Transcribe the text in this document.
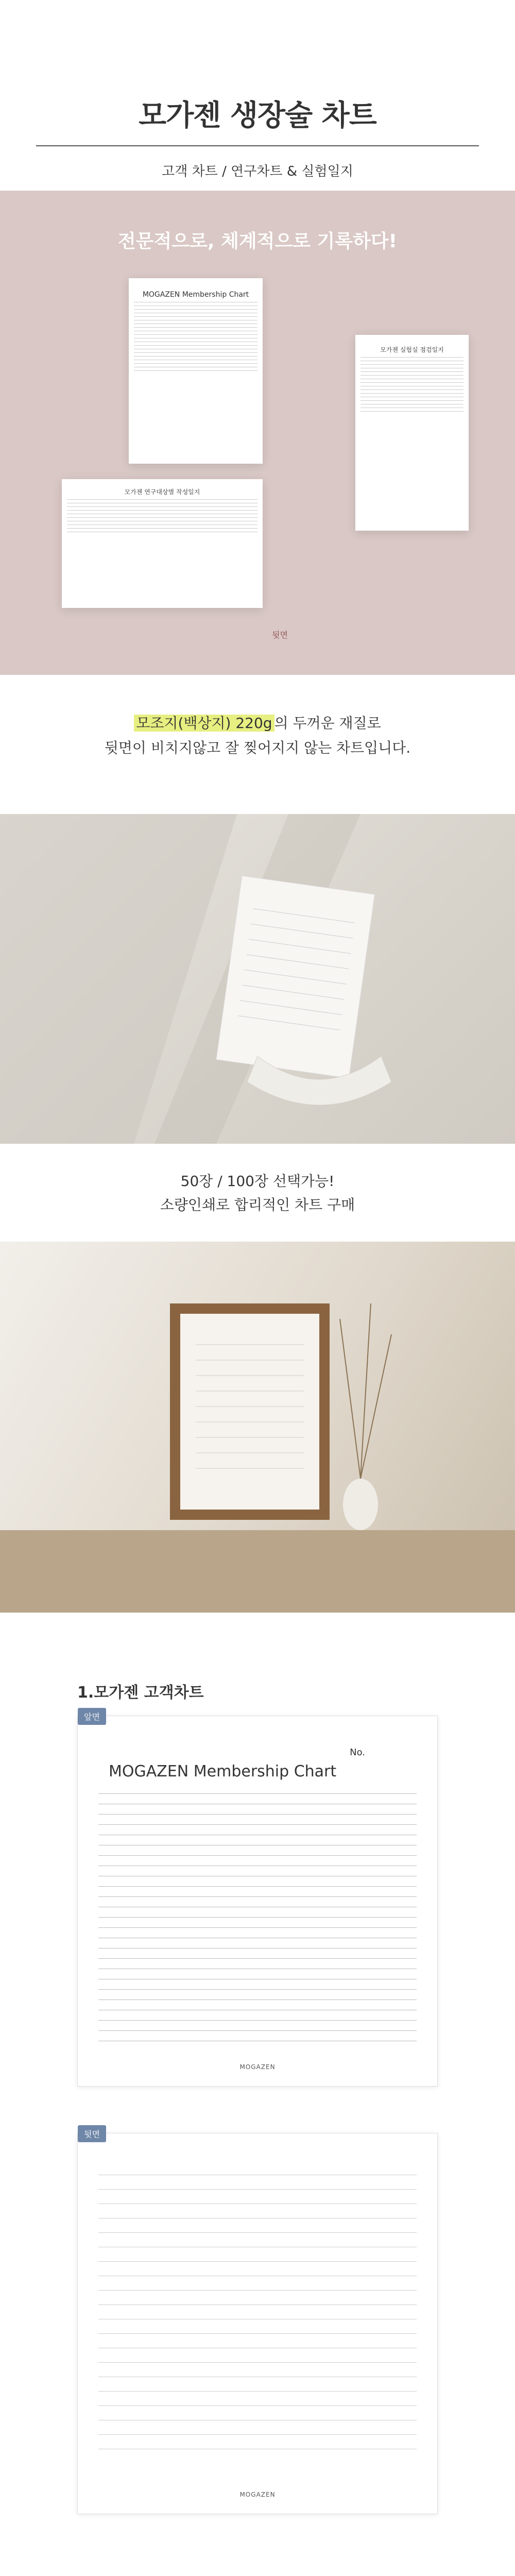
모가젠 생장술 차트
고객 차트 / 연구차트 & 실험일지
전문적으로, 체계적으로 기록하다!
MOGAZEN Membership Chart
모가젠 실험실 점검일지
모가젠 연구대상별 작성일지
뒷면
모조지(백상지) 220g 의 두꺼운 재질로
뒷면이 비치지않고 잘 찢어지지 않는 차트입니다.
50장 / 100장 선택가능!
소량인쇄로 합리적인 차트 구매
1.모가젠 고객차트
앞면
No.
MOGAZEN Membership Chart
MOGAZEN
뒷면
MOGAZEN
